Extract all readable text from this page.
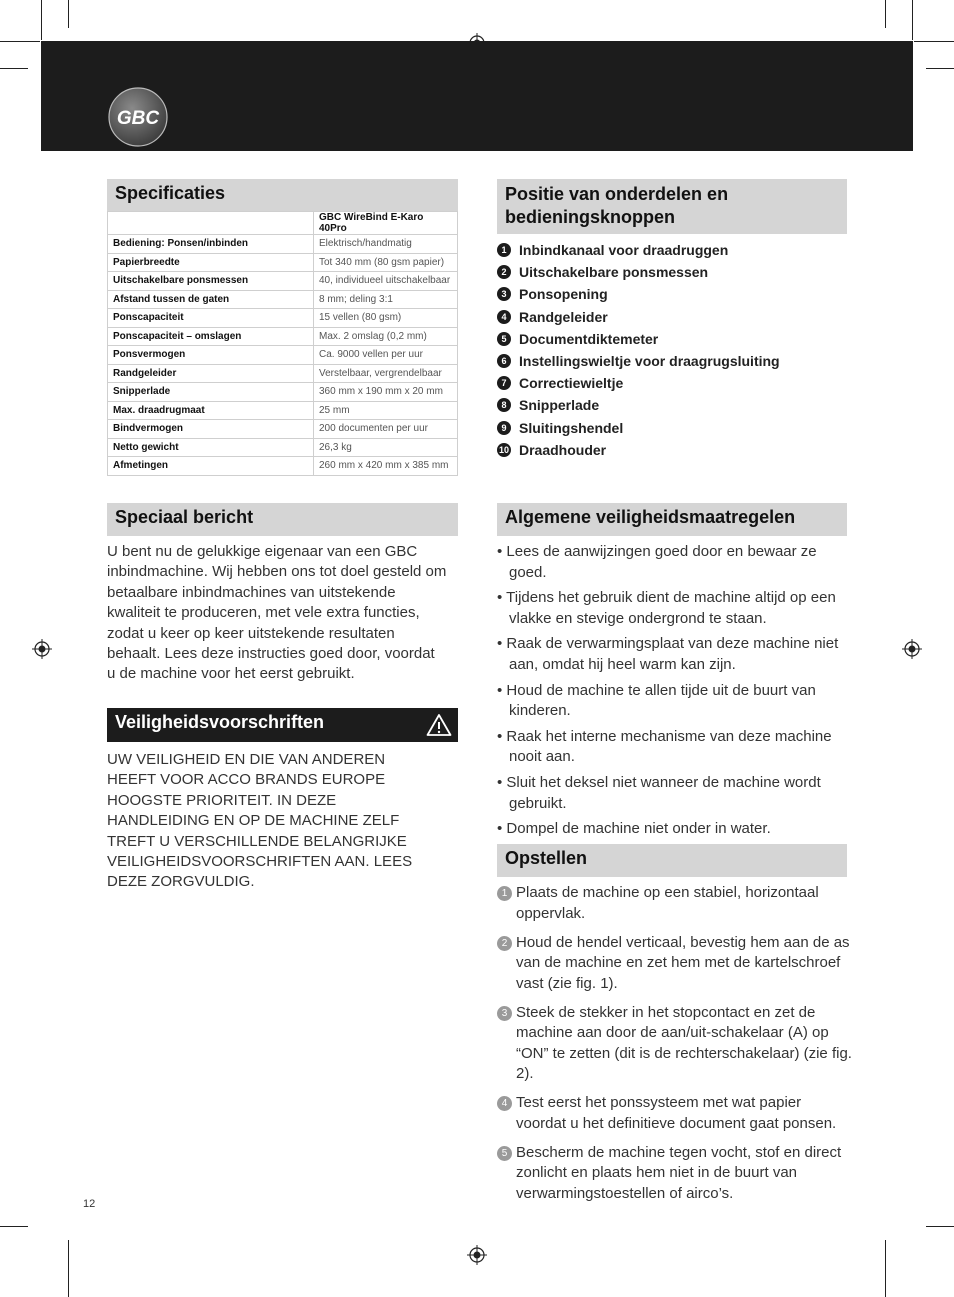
GBC
Specificaties
	GBC WireBind E-Karo 40Pro
Bediening: Ponsen/inbinden	Elektrisch/handmatig
Papierbreedte	Tot 340 mm (80 gsm papier)
Uitschakelbare ponsmessen	40, individueel uitschakelbaar
Afstand tussen de gaten	8 mm; deling 3:1
Ponscapaciteit	15 vellen (80 gsm)
Ponscapaciteit – omslagen	Max. 2 omslag (0,2 mm)
Ponsvermogen	Ca. 9000 vellen per uur
Randgeleider	Verstelbaar, vergrendelbaar
Snipperlade	360 mm x 190 mm x 20 mm
Max. draadrugmaat	25 mm
Bindvermogen	200 documenten per uur
Netto gewicht	26,3 kg
Afmetingen	260 mm x 420 mm x 385 mm
Positie van onderdelen en bedieningsknoppen
1 Inbindkanaal voor draadruggen
2 Uitschakelbare ponsmessen
3 Ponsopening
4 Randgeleider
5 Documentdiktemeter
6 Instellingswieltje voor draagrugsluiting
7 Correctiewieltje
8 Snipperlade
9 Sluitingshendel
10 Draadhouder
Speciaal bericht
U bent nu de gelukkige eigenaar van een GBC inbindmachine. Wij hebben ons tot doel gesteld om betaalbare inbindmachines van uitstekende kwaliteit te produceren, met vele extra functies, zodat u keer op keer uitstekende resultaten behaalt. Lees deze instructies goed door, voordat u de machine voor het eerst gebruikt.
Veiligheidsvoorschriften
UW VEILIGHEID EN DIE VAN ANDEREN HEEFT VOOR ACCO BRANDS EUROPE HOOGSTE PRIORITEIT. IN DEZE HANDLEIDING EN OP DE MACHINE ZELF TREFT U VERSCHILLENDE BELANGRIJKE VEILIGHEIDSVOORSCHRIFTEN AAN. LEES DEZE ZORGVULDIG.
Algemene veiligheidsmaatregelen
• Lees de aanwijzingen goed door en bewaar ze goed.
• Tijdens het gebruik dient de machine altijd op een vlakke en stevige ondergrond te staan.
• Raak de verwarmingsplaat van deze machine niet aan, omdat hij heel warm kan zijn.
• Houd de machine te allen tijde uit de buurt van kinderen.
• Raak het interne mechanisme van deze machine nooit aan.
• Sluit het deksel niet wanneer de machine wordt gebruikt.
• Dompel de machine niet onder in water.
Opstellen
1 Plaats de machine op een stabiel, horizontaal oppervlak.
2 Houd de hendel verticaal, bevestig hem aan de as van de machine en zet hem met de kartelschroef vast (zie fig. 1).
3 Steek de stekker in het stopcontact en zet de machine aan door de aan/uit-schakelaar (A) op “ON” te zetten (dit is de rechterschakelaar) (zie fig. 2).
4 Test eerst het ponssysteem met wat papier voordat u het definitieve document gaat ponsen.
5 Bescherm de machine tegen vocht, stof en direct zonlicht en plaats hem niet in de buurt van verwarmingstoestellen of airco’s.
12
